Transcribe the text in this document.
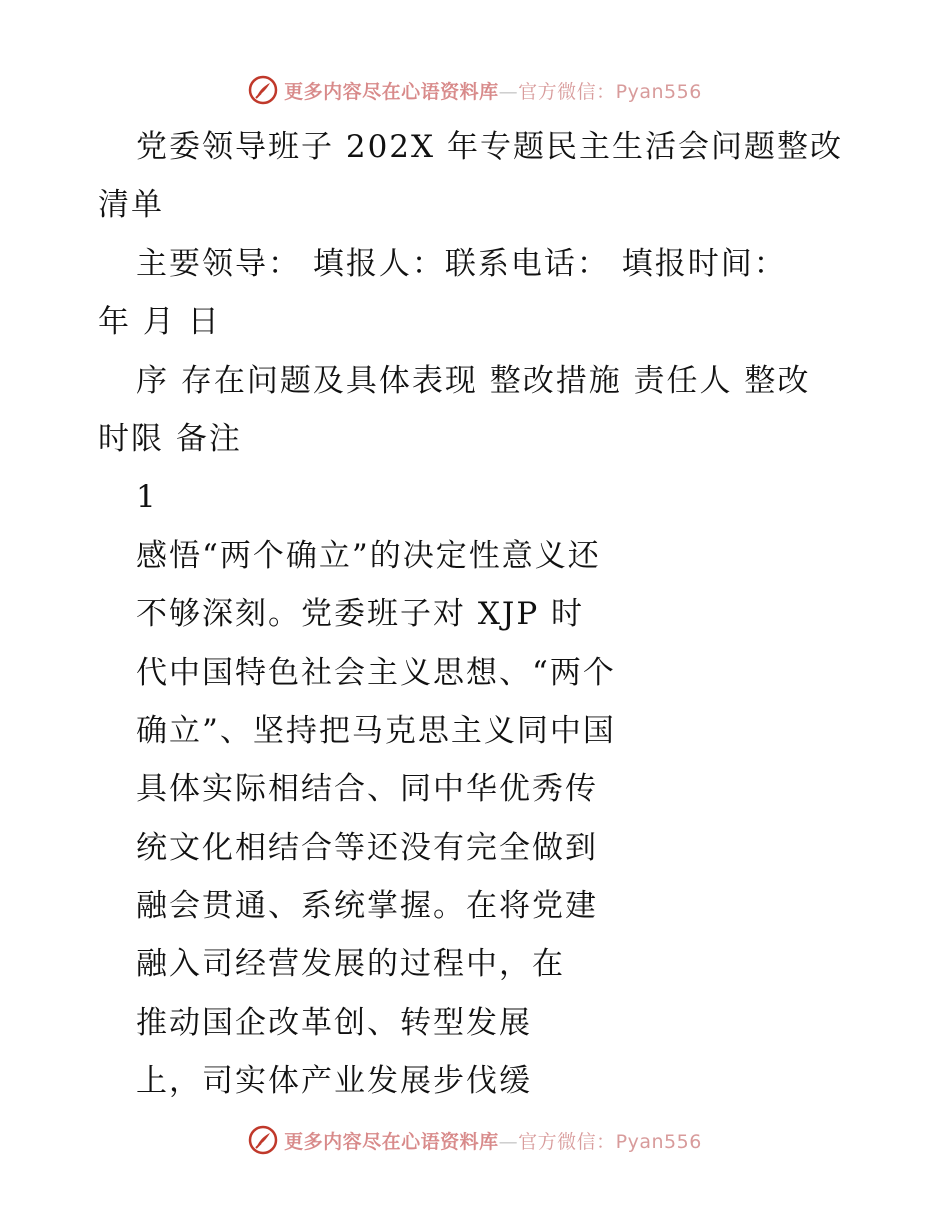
更多内容尽在心语资料库—官方微信：Pyan556
党委领导班子 202X 年专题民主生活会问题整改
清单
主要领导： 填报人：联系电话： 填报时间：
年 月 日
序 存在问题及具体表现 整改措施 责任人 整改
时限 备注
1
感悟“两个确立”的决定性意义还
不够深刻。党委班子对 XJP 时
代中国特色社会主义思想、“两个
确立”、坚持把马克思主义同中国
具体实际相结合、同中华优秀传
统文化相结合等还没有完全做到
融会贯通、系统掌握。在将党建
融入司经营发展的过程中，在
推动国企改革创、转型发展
上，司实体产业发展步伐缓
更多内容尽在心语资料库—官方微信：Pyan556
